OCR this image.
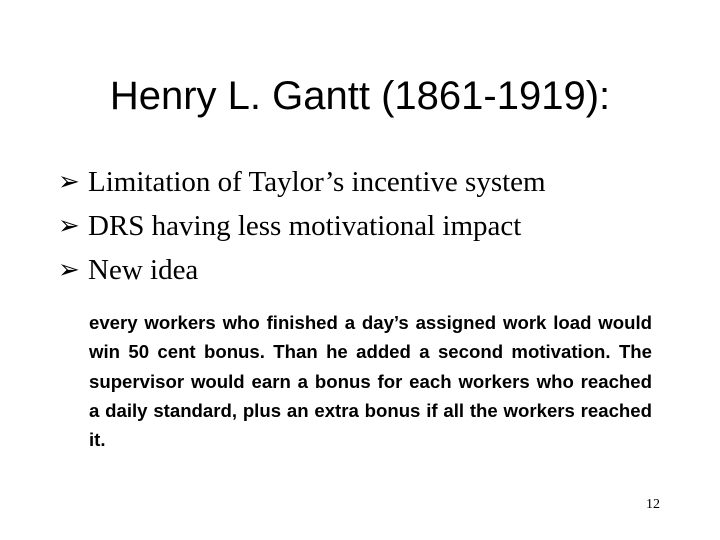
Henry L. Gantt (1861-1919):
➢ Limitation of Taylor’s incentive system
➢ DRS having less motivational impact
➢ New idea

every workers who finished a day’s assigned work load would win 50 cent bonus. Than he added a second motivation. The supervisor would earn a bonus for each workers who reached a daily standard, plus an extra bonus if all the workers reached it.

12
